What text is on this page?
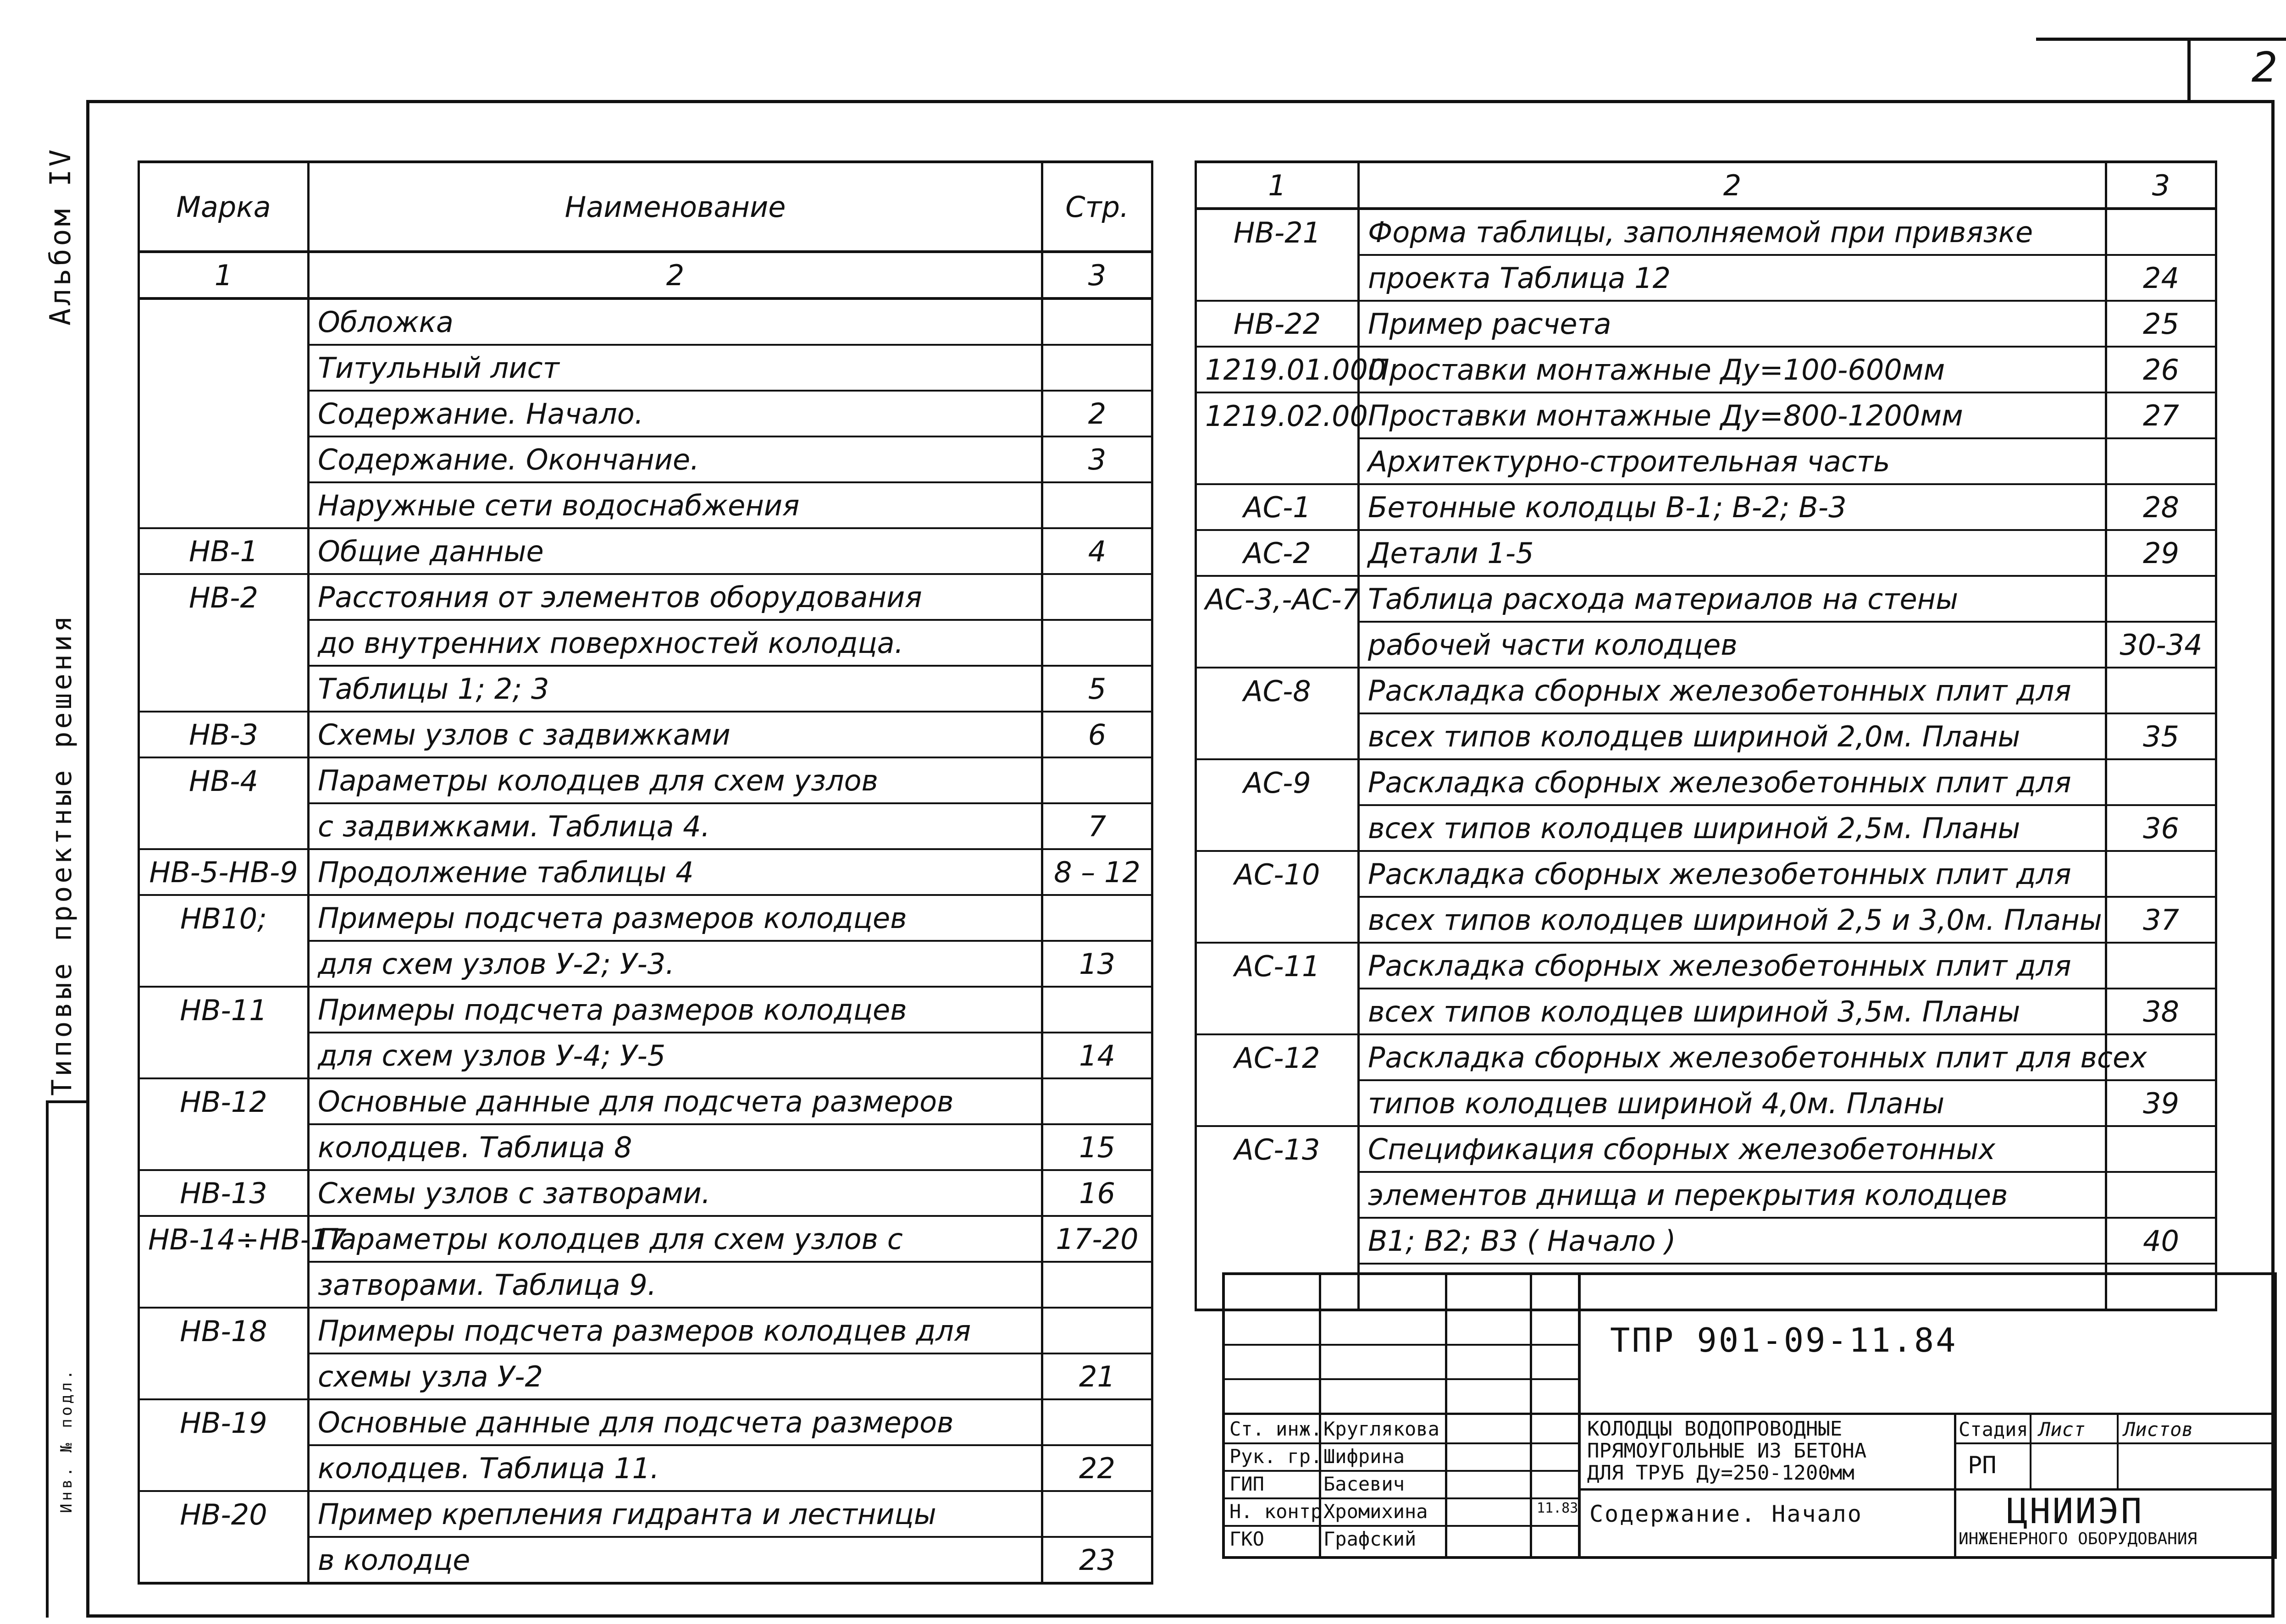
2
Альбом IV
Типовые проектные решения
Инв. № подл.
Марка	Наименование	Стр.
1	2	3
	Обложка	
	Титульный лист	
	Содержание. Начало.	2
	Содержание. Окончание.	3
	Наружные сети водоснабжения	
НВ-1	Общие данные	4
НВ-2	Расстояния от элементов оборудования	
	до внутренних поверхностей колодца.	
	Таблицы 1; 2; 3	5
НВ-3	Схемы узлов с задвижками	6
НВ-4	Параметры колодцев для схем узлов	
	с задвижками. Таблица 4.	7
НВ-5-НВ-9	Продолжение таблицы 4	8 – 12
НВ10;	Примеры подсчета размеров колодцев	
	для схем узлов У-2; У-3.	13
НВ-11	Примеры подсчета размеров колодцев	
	для схем узлов У-4; У-5	14
НВ-12	Основные данные для подсчета размеров	
	колодцев. Таблица 8	15
НВ-13	Схемы узлов с затворами.	16
НВ-14÷НВ-17	Параметры колодцев для схем узлов с	17-20
	затворами. Таблица 9.	
НВ-18	Примеры подсчета размеров колодцев для	
	схемы узла У-2	21
НВ-19	Основные данные для подсчета размеров	
	колодцев. Таблица 11.	22
НВ-20	Пример крепления гидранта и лестницы	
	в колодце	23
1	2	3
НВ-21	Форма таблицы, заполняемой при привязке	
	проекта Таблица 12	24
НВ-22	Пример расчета	25
1219.01.000	Проставки монтажные Ду=100-600мм	26
1219.02.00	Проставки монтажные Ду=800-1200мм	27
	Архитектурно-строительная часть	
АС-1	Бетонные колодцы В-1; В-2; В-3	28
АС-2	Детали 1-5	29
АС-3,-АС-7	Таблица расхода материалов на стены	
	рабочей части колодцев	30-34
АС-8	Раскладка сборных железобетонных плит для	
	всех типов колодцев шириной 2,0м. Планы	35
АС-9	Раскладка сборных железобетонных плит для	
	всех типов колодцев шириной 2,5м. Планы	36
АС-10	Раскладка сборных железобетонных плит для	
	всех типов колодцев шириной 2,5 и 3,0м. Планы	37
АС-11	Раскладка сборных железобетонных плит для	
	всех типов колодцев шириной 3,5м. Планы	38
АС-12	Раскладка сборных железобетонных плит для всех	
	типов колодцев шириной 4,0м. Планы	39
АС-13	Спецификация сборных железобетонных	
	элементов днища и перекрытия колодцев	
	В1; В2; В3 ( Начало )	40

ТПР 901-09-11.84
КОЛОДЦЫ ВОДОПРОВОДНЫЕ
ПРЯМОУГОЛЬНЫЕ ИЗ БЕТОНА
ДЛЯ ТРУБ Ду=250-1200мм
Содержание. Начало
Стадия Лист Листов
РП
ЦНИИЭП
ИНЖЕНЕРНОГО ОБОРУДОВАНИЯ
Ст. инж. Круглякова
Рук. гр. Шифрина
ГИП	Басевич
Н. контр Хромихина	11.83
ГКО	Графский
